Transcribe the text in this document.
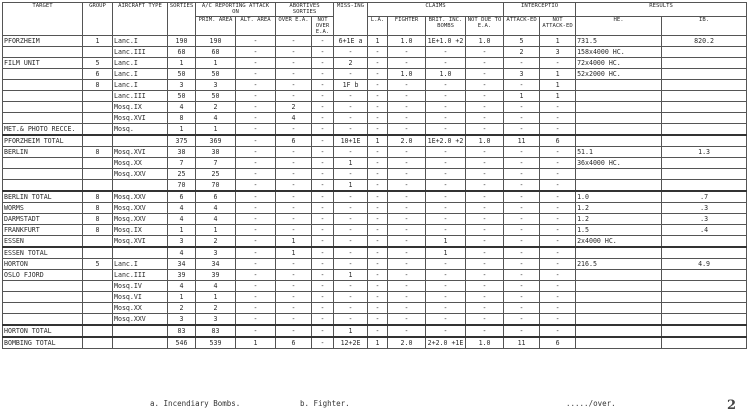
TARGET	GROUP	AIRCRAFT TYPE	SORTIES	A/C REPORTING ATTACK ON		ABORTIVES SORTIES		MISS-ING	CLAIMS				INTERCEPTIO		RESULTS	
				PRIM. AREA	ALT. AREA	OVER E.A.	NOT OVER E.A.		L.A.	FIGHTER	BRIT. INC. BOMBS	NOT DUE TO E.A.	ATTACK-ED	NOT ATTACK-ED	HE.	IB.

PFORZHEIM	1	Lanc.I	190	190	-	-	-	6+1E a	1	1.0	1E+1.0 +2	1.0	5	1	731.5	820.2
		Lanc.III	68	68	-	-	-	-	-	-	-	-	2	3	158x4000 HC.	
FILM UNIT	5	Lanc.I	1	1	-	-	-	2	-	-	-	-	-	-	72x4000 HC.	
	6	Lanc.I	50	50	-	-	-	-	-	1.0	1.0	-	3	1	52x2000 HC.	
	8	Lanc.I	3	3	-	-	-	1F b	-	-	-	-	-	1		
		Lanc.III	50	50	-	-	-	-	-	-	-	-	1	1		
		Mosq.IX	4	2	-	2	-	-	-	-	-	-	-	-		
		Mosq.XVI	8	4	-	4	-	-	-	-	-	-	-	-		
MET.& PHOTO RECCE.		Mosq.	1	1	-	-	-	-	-	-	-	-	-	-		
PFORZHEIM TOTAL			375	369	-	6	-	10+1E	1	2.0	1E+2.0 +2	1.0	11	6		
BERLIN	8	Mosq.XVI	38	38	-	-	-	-	-	-	-	-	-	-	51.1	1.3
		Mosq.XX	7	7	-	-	-	1	-	-	-	-	-	-	36x4000 HC.	
		Mosq.XXV	25	25	-	-	-	-	-	-	-	-	-	-		
			70	70	-	-	-	1	-	-	-	-	-	-		
BERLIN TOTAL	8	Mosq.XXV	6	6	-	-	-	-	-	-	-	-	-	-	1.0	.7
WORMS	8	Mosq.XXV	4	4	-	-	-	-	-	-	-	-	-	-	1.2	.3
DARMSTADT	8	Mosq.XXV	4	4	-	-	-	-	-	-	-	-	-	-	1.2	.3
FRANKFURT	8	Mosq.IX	1	1	-	-	-	-	-	-	-	-	-	-	1.5	.4
ESSEN		Mosq.XVI	3	2	-	1	-	-	-	-	1	-	-	-	2x4000 HC.	
ESSEN TOTAL			4	3	-	1	-	-	-	-	1	-	-	-		
HORTON	5	Lanc.I	34	34	-	-	-	-	-	-	-	-	-	-	216.5	4.9
OSLO FJORD		Lanc.III	39	39	-	-	-	1	-	-	-	-	-	-		
		Mosq.IV	4	4	-	-	-	-	-	-	-	-	-	-		
		Mosq.VI	1	1	-	-	-	-	-	-	-	-	-	-		
		Mosq.XX	2	2	-	-	-	-	-	-	-	-	-	-		
		Mosq.XXV	3	3	-	-	-	-	-	-	-	-	-	-		
HORTON TOTAL			83	83	-	-	-	1	-	-	-	-	-	-		
BOMBING TOTAL			546	539	1	6	-	12+2E	1	2.0	2+2.0 +1E	1.0	11	6		
a. Incendiary Bombs.	b. Fighter.	...../over.	2
